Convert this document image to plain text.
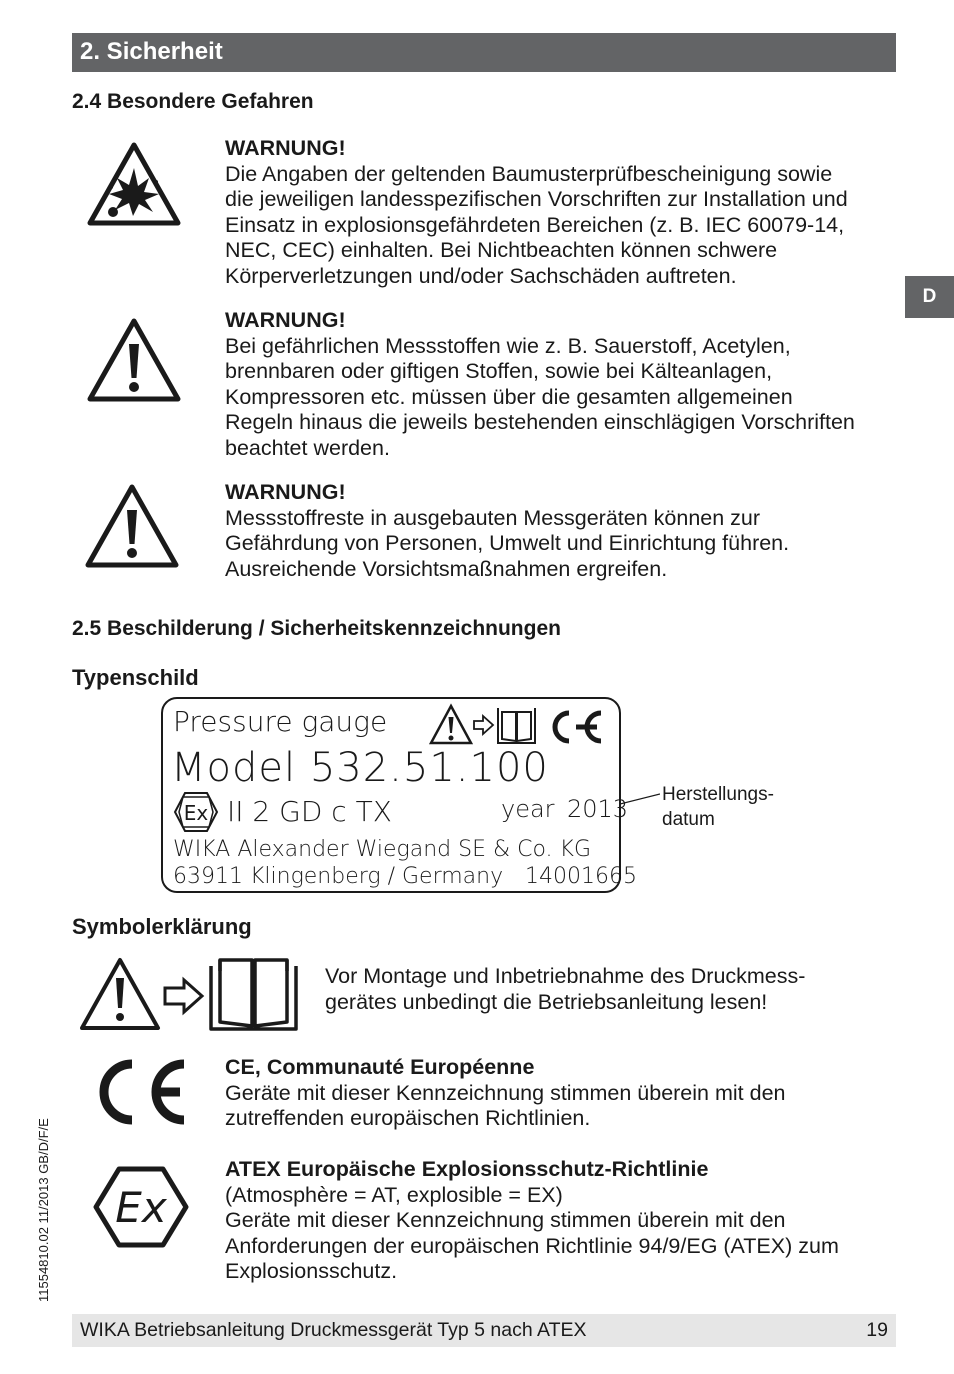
2. Sicherheit
D
2.4 Besondere Gefahren
WARNUNG!
Die Angaben der geltenden Baumusterprüfbescheinigung sowie
die jeweiligen landesspezifischen Vorschriften zur Installation und
Einsatz in explosionsgefährdeten Bereichen (z. B. IEC 60079-14,
NEC, CEC) einhalten. Bei Nichtbeachten können schwere
Körperverletzungen und/oder Sachschäden auftreten.
WARNUNG!
Bei gefährlichen Messstoffen wie z. B. Sauerstoff, Acetylen,
brennbaren oder giftigen Stoffen, sowie bei Kälteanlagen,
Kompressoren etc. müssen über die gesamten allgemeinen
Regeln hinaus die jeweils bestehenden einschlägigen Vorschriften
beachtet werden.
WARNUNG!
Messstoffreste in ausgebauten Messgeräten können zur
Gefährdung von Personen, Umwelt und Einrichtung führen.
Ausreichende Vorsichtsmaßnahmen ergreifen.
2.5 Beschilderung / Sicherheitskennzeichnungen
Typenschild
Pressure gauge
Model 532.51.100
Ex II 2 GD c TX	year 2013
WIKA Alexander Wiegand SE & Co. KG
63911 Klingenberg / Germany 14001665
Herstellungs-
datum
Symbolerklärung
Vor Montage und Inbetriebnahme des Druckmess-
gerätes unbedingt die Betriebsanleitung lesen!
CE, Communauté Européenne
Geräte mit dieser Kennzeichnung stimmen überein mit den
zutreffenden europäischen Richtlinien.
Ex
ATEX Europäische Explosionsschutz-Richtlinie
(Atmosphère = AT, explosible = EX)
Geräte mit dieser Kennzeichnung stimmen überein mit den
Anforderungen der europäischen Richtlinie 94/9/EG (ATEX) zum
Explosionsschutz.
11554810.02 11/2013 GB/D/F/E
WIKA Betriebsanleitung Druckmessgerät Typ 5 nach ATEX	19
